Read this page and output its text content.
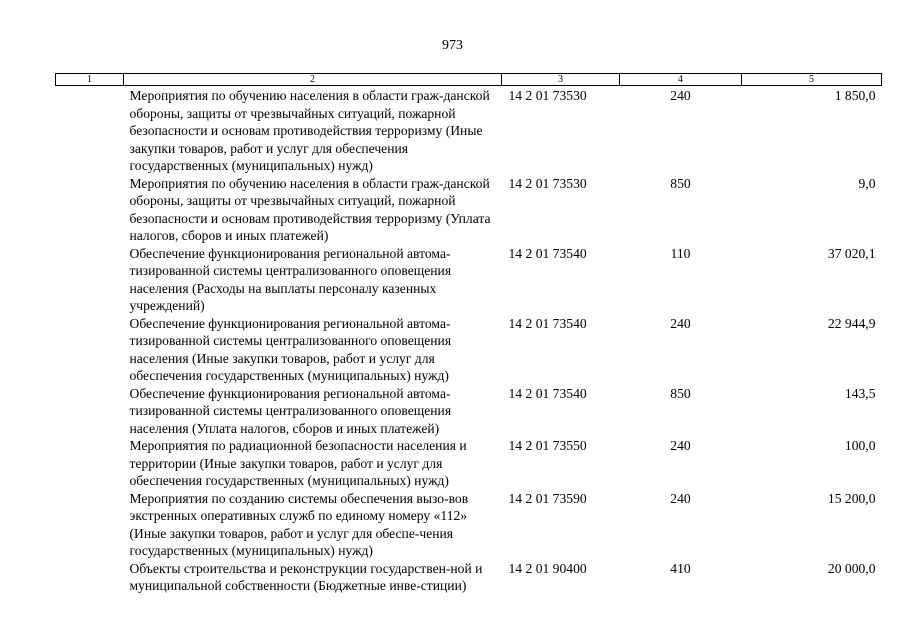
973
1	2	3	4	5
	Мероприятия по обучению населения в области граж-данской обороны, защиты от чрезвычайных ситуаций, пожарной безопасности и основам противодействия терроризму (Иные закупки товаров, работ и услуг для обеспечения государственных (муниципальных) нужд)	14 2 01 73530	240	1 850,0
	Мероприятия по обучению населения в области граж-данской обороны, защиты от чрезвычайных ситуаций, пожарной безопасности и основам противодействия терроризму (Уплата налогов, сборов и иных платежей)	14 2 01 73530	850	9,0
	Обеспечение функционирования региональной автома-тизированной системы централизованного оповещения населения (Расходы на выплаты персоналу казенных учреждений)	14 2 01 73540	110	37 020,1
	Обеспечение функционирования региональной автома-тизированной системы централизованного оповещения населения (Иные закупки товаров, работ и услуг для обеспечения государственных (муниципальных) нужд)	14 2 01 73540	240	22 944,9
	Обеспечение функционирования региональной автома-тизированной системы централизованного оповещения населения (Уплата налогов, сборов и иных платежей)	14 2 01 73540	850	143,5
	Мероприятия по радиационной безопасности населения и территории (Иные закупки товаров, работ и услуг для обеспечения государственных (муниципальных) нужд)	14 2 01 73550	240	100,0
	Мероприятия по созданию системы обеспечения вызо-вов экстренных оперативных служб по единому номеру «112» (Иные закупки товаров, работ и услуг для обеспе-чения государственных (муниципальных) нужд)	14 2 01 73590	240	15 200,0
	Объекты строительства и реконструкции государствен-ной и муниципальной собственности (Бюджетные инве-стиции)	14 2 01 90400	410	20 000,0
